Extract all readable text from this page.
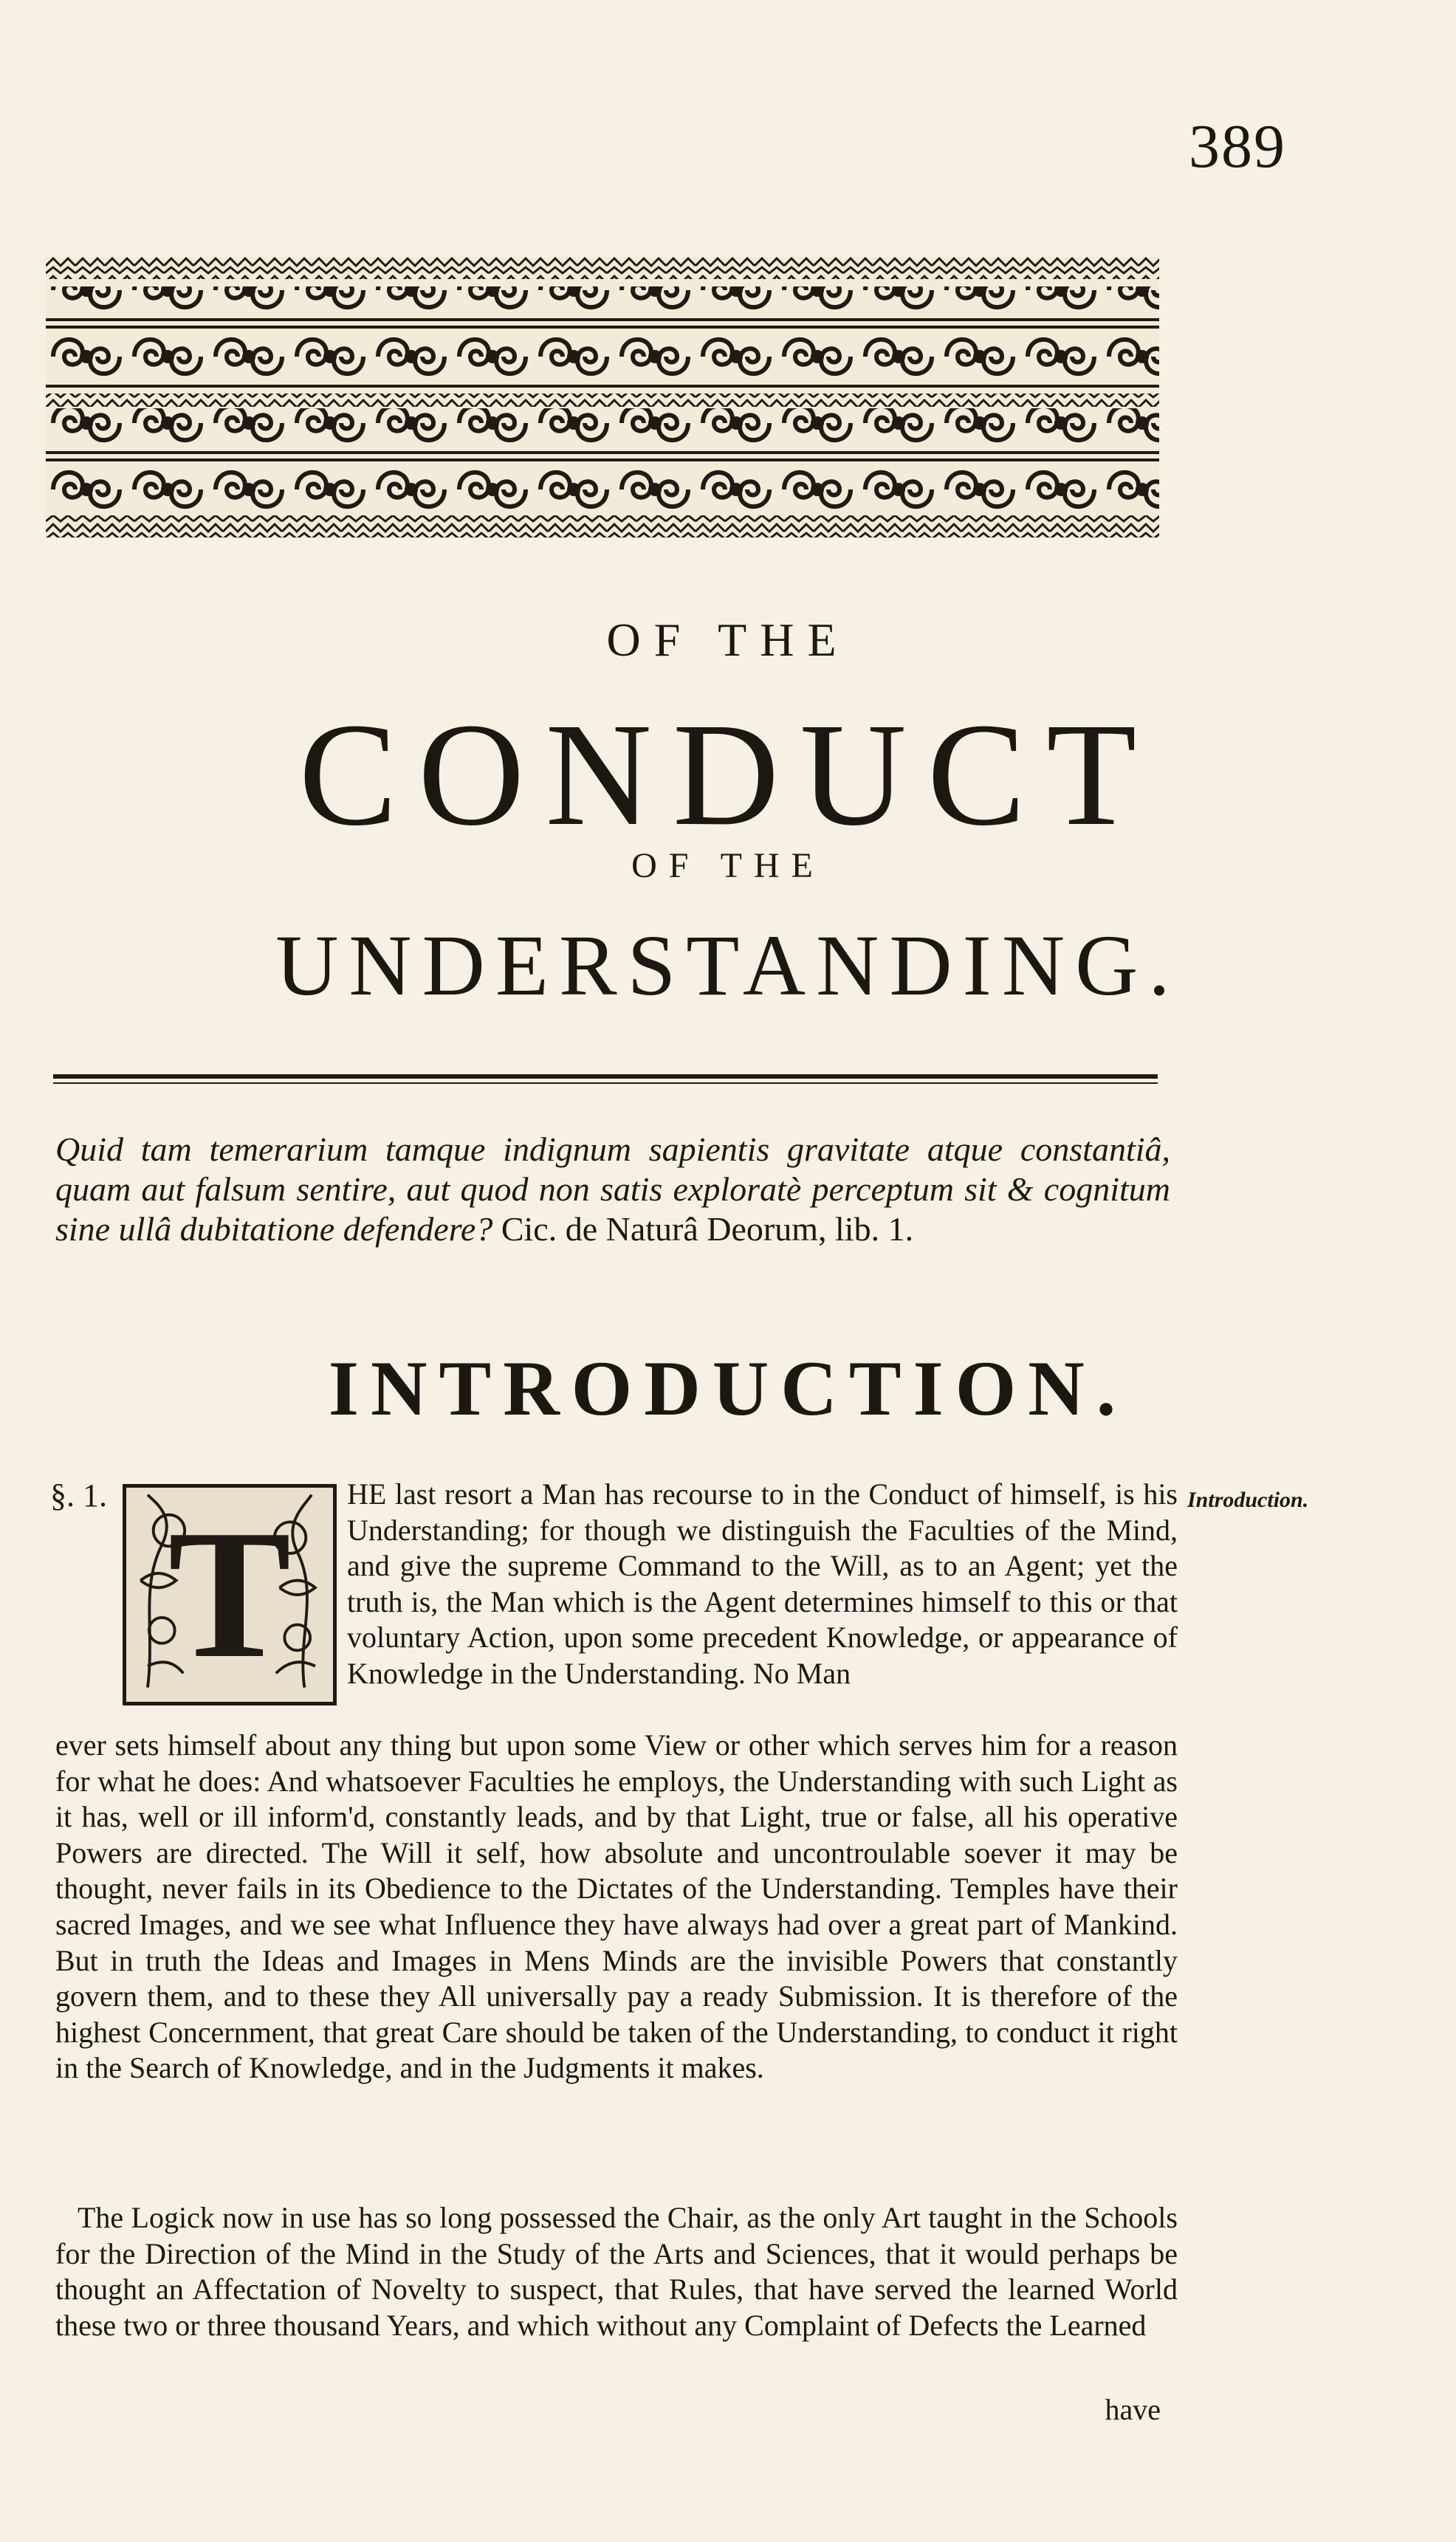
389
OF THE
CONDUCT
OF THE
UNDERSTANDING.
Quid tam temerarium tamque indignum sapientis gravitate atque constantiâ, quam aut falsum sentire, aut quod non satis exploratè perceptum sit & cognitum sine ullâ dubitatione defendere? Cic. de Naturâ Deorum, lib. 1.
INTRODUCTION.
§. 1. T	Introduction.
HE last resort a Man has recourse to in the Conduct of himself, is his Understanding; for though we distinguish the Faculties of the Mind, and give the supreme Command to the Will, as to an Agent; yet the truth is, the Man which is the Agent determines himself to this or that voluntary Action, upon some precedent Knowledge, or appearance of Knowledge in the Understanding. No Man
ever sets himself about any thing but upon some View or other which serves him for a reason for what he does: And whatsoever Faculties he employs, the Understanding with such Light as it has, well or ill inform'd, constantly leads, and by that Light, true or false, all his operative Powers are directed. The Will it self, how absolute and uncontroulable soever it may be thought, never fails in its Obedience to the Dictates of the Understanding. Temples have their sacred Images, and we see what Influence they have always had over a great part of Mankind. But in truth the Ideas and Images in Mens Minds are the invisible Powers that constantly govern them, and to these they All universally pay a ready Submission. It is therefore of the highest Concernment, that great Care should be taken of the Understanding, to conduct it right in the Search of Knowledge, and in the Judgments it makes.
The Logick now in use has so long possessed the Chair, as the only Art taught in the Schools for the Direction of the Mind in the Study of the Arts and Sciences, that it would perhaps be thought an Affectation of Novelty to suspect, that Rules, that have served the learned World these two or three thousand Years, and which without any Complaint of Defects the Learned
have
